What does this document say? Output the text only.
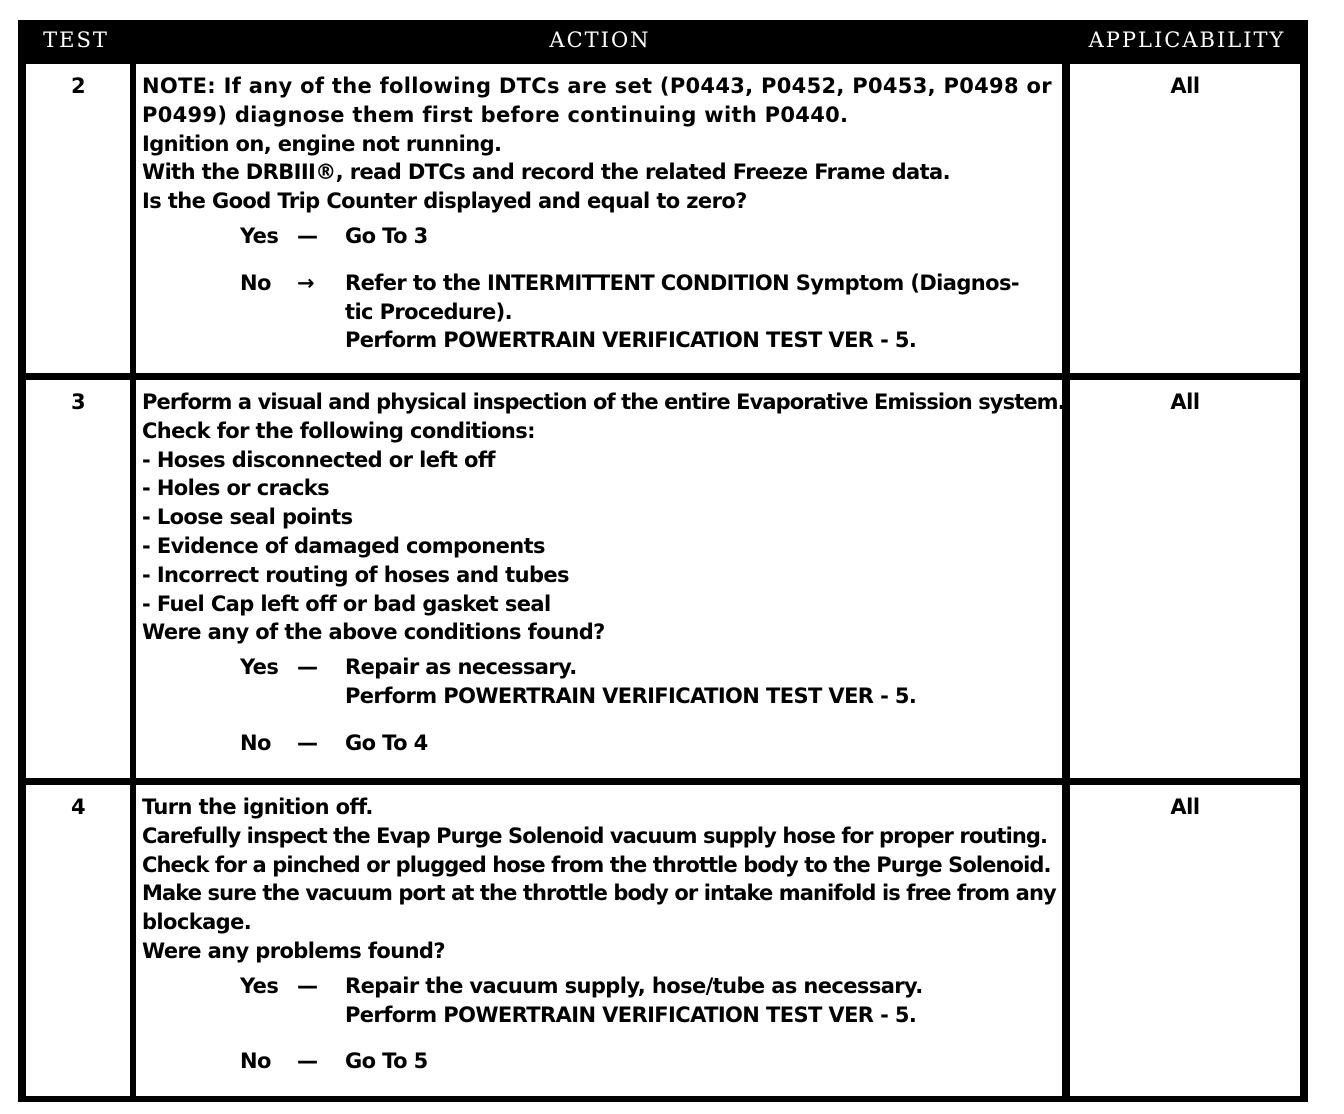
TEST	ACTION	APPLICABILITY
2	NOTE: If any of the following DTCs are set (P0443, P0452, P0453, P0498 or
P0499) diagnose them first before continuing with P0440.
Ignition on, engine not running.
With the DRBIII®, read DTCs and record the related Freeze Frame data.
Is the Good Trip Counter displayed and equal to zero?
Yes —	Go To 3
No	→	Refer to the INTERMITTENT CONDITION Symptom (Diagnos-
tic Procedure).
Perform POWERTRAIN VERIFICATION TEST VER - 5.
All
3	Perform a visual and physical inspection of the entire Evaporative Emission system.
Check for the following conditions:
- Hoses disconnected or left off
- Holes or cracks
- Loose seal points
- Evidence of damaged components
- Incorrect routing of hoses and tubes
- Fuel Cap left off or bad gasket seal
Were any of the above conditions found?
Yes —	Repair as necessary.
Perform POWERTRAIN VERIFICATION TEST VER - 5.
No	—	Go To 4
All
4	Turn the ignition off.
Carefully inspect the Evap Purge Solenoid vacuum supply hose for proper routing.
Check for a pinched or plugged hose from the throttle body to the Purge Solenoid.
Make sure the vacuum port at the throttle body or intake manifold is free from any
blockage.
Were any problems found?
Yes —	Repair the vacuum supply, hose/tube as necessary.
Perform POWERTRAIN VERIFICATION TEST VER - 5.
No	—	Go To 5
All
